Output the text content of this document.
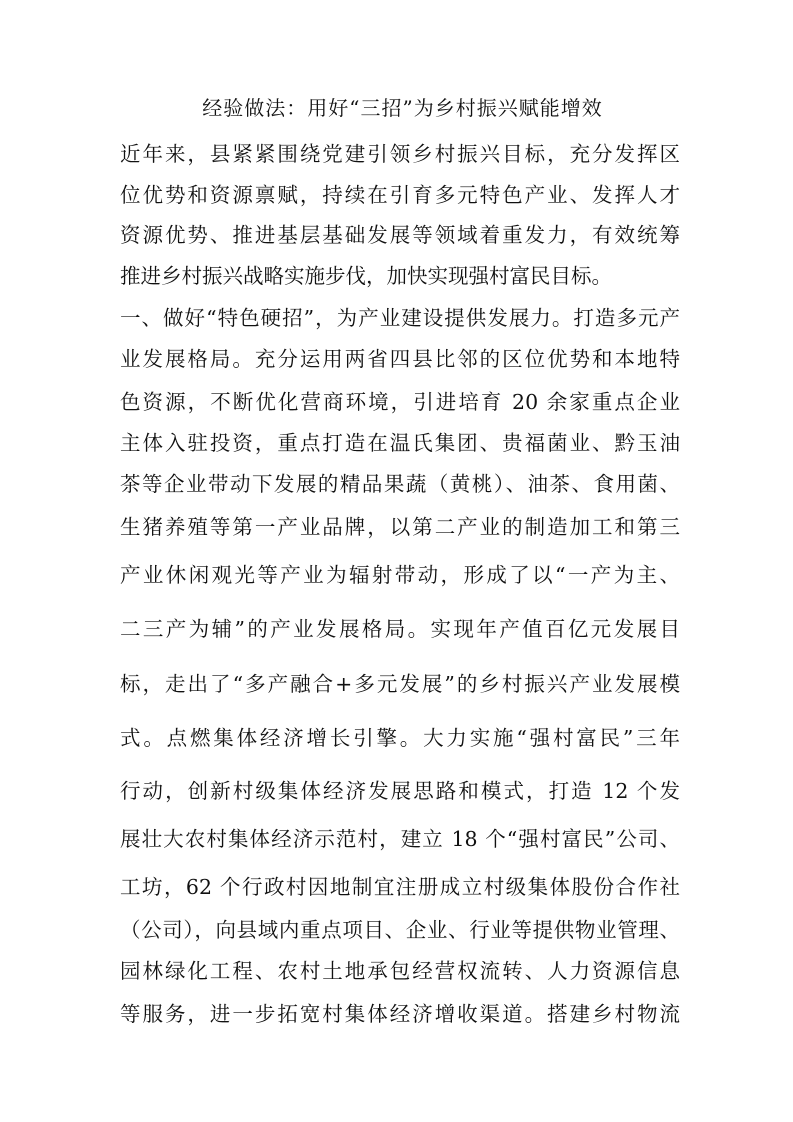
经验做法：用好“三招”为乡村振兴赋能增效
近年来，县紧紧围绕党建引领乡村振兴目标，充分发挥区
位优势和资源禀赋，持续在引育多元特色产业、发挥人才
资源优势、推进基层基础发展等领域着重发力，有效统筹
推进乡村振兴战略实施步伐，加快实现强村富民目标。
一、做好“特色硬招”，为产业建设提供发展力。打造多元产
业发展格局。充分运用两省四县比邻的区位优势和本地特
色资源，不断优化营商环境，引进培育 20 余家重点企业
主体入驻投资，重点打造在温氏集团、贵福菌业、黔玉油
茶等企业带动下发展的精品果蔬（黄桃）、油茶、食用菌、
生猪养殖等第一产业品牌，以第二产业的制造加工和第三
产业休闲观光等产业为辐射带动，形成了以“一产为主、
二三产为辅”的产业发展格局。实现年产值百亿元发展目
标，走出了“多产融合+多元发展”的乡村振兴产业发展模
式。点燃集体经济增长引擎。大力实施“强村富民”三年
行动，创新村级集体经济发展思路和模式，打造 12 个发
展壮大农村集体经济示范村，建立 18 个“强村富民”公司、
工坊，62 个行政村因地制宜注册成立村级集体股份合作社
（公司），向县域内重点项目、企业、行业等提供物业管理、
园林绿化工程、农村土地承包经营权流转、人力资源信息
等服务，进一步拓宽村集体经济增收渠道。搭建乡村物流
